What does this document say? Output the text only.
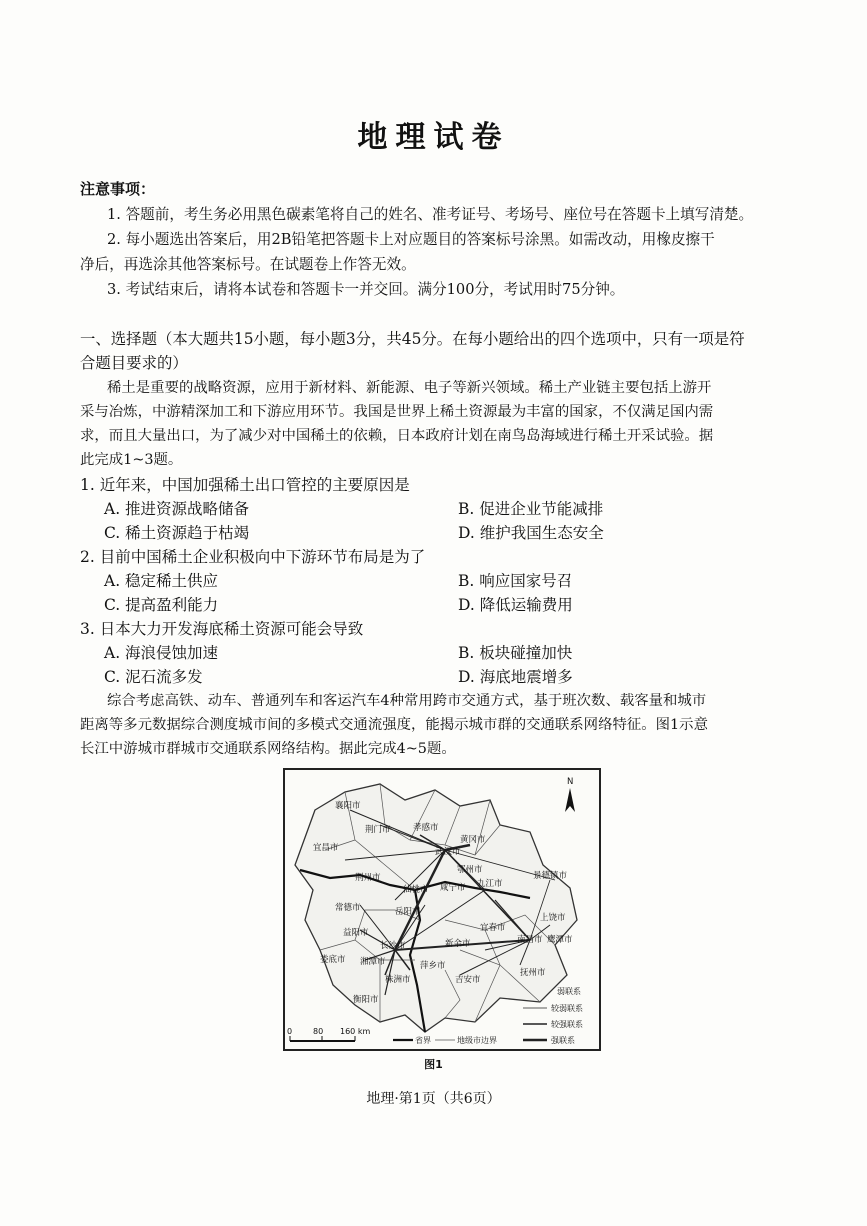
地理试卷
注意事项：
1. 答题前，考生务必用黑色碳素笔将自己的姓名、准考证号、考场号、座位号在答题卡上填写清楚。
2. 每小题选出答案后，用2B铅笔把答题卡上对应题目的答案标号涂黑。如需改动，用橡皮擦干
净后，再选涂其他答案标号。在试题卷上作答无效。
3. 考试结束后，请将本试卷和答题卡一并交回。满分100分，考试用时75分钟。
一、选择题（本大题共15小题，每小题3分，共45分。在每小题给出的四个选项中，只有一项是符
合题目要求的）
稀土是重要的战略资源，应用于新材料、新能源、电子等新兴领域。稀土产业链主要包括上游开
采与冶炼，中游精深加工和下游应用环节。我国是世界上稀土资源最为丰富的国家，不仅满足国内需
求，而且大量出口，为了减少对中国稀土的依赖，日本政府计划在南鸟岛海域进行稀土开采试验。据
此完成1~3题。
1. 近年来，中国加强稀土出口管控的主要原因是
A. 推进资源战略储备	B. 促进企业节能减排
C. 稀土资源趋于枯竭	D. 维护我国生态安全
2. 目前中国稀土企业积极向中下游环节布局是为了
A. 稳定稀土供应	B. 响应国家号召
C. 提高盈利能力	D. 降低运输费用
3. 日本大力开发海底稀土资源可能会导致
A. 海浪侵蚀加速	B. 板块碰撞加快
C. 泥石流多发	D. 海底地震增多
综合考虑高铁、动车、普通列车和客运汽车4种常用跨市交通方式，基于班次数、载客量和城市
距离等多元数据综合测度城市间的多模式交通流强度，能揭示城市群的交通联系网络特征。图1示意
长江中游城市群城市交通联系网络结构。据此完成4~5题。
襄阳市
荆门市	孝感市
宜昌市	武汉市
黄冈市
荆州市
鄂州市
仙桃市 咸宁市 九江市
景德镇市
常德市	岳阳市
上饶市
益阳市
南昌市 鹰潭市
长沙市	新余市
宜春市
娄底市 湘潭市
株洲市
衡阳市
萍乡市
吉安市
抚州市
N
0	80 160 km
省界	地级市边界
弱联系
较弱联系
较强联系
强联系
图1
地理·第1页（共6页）
